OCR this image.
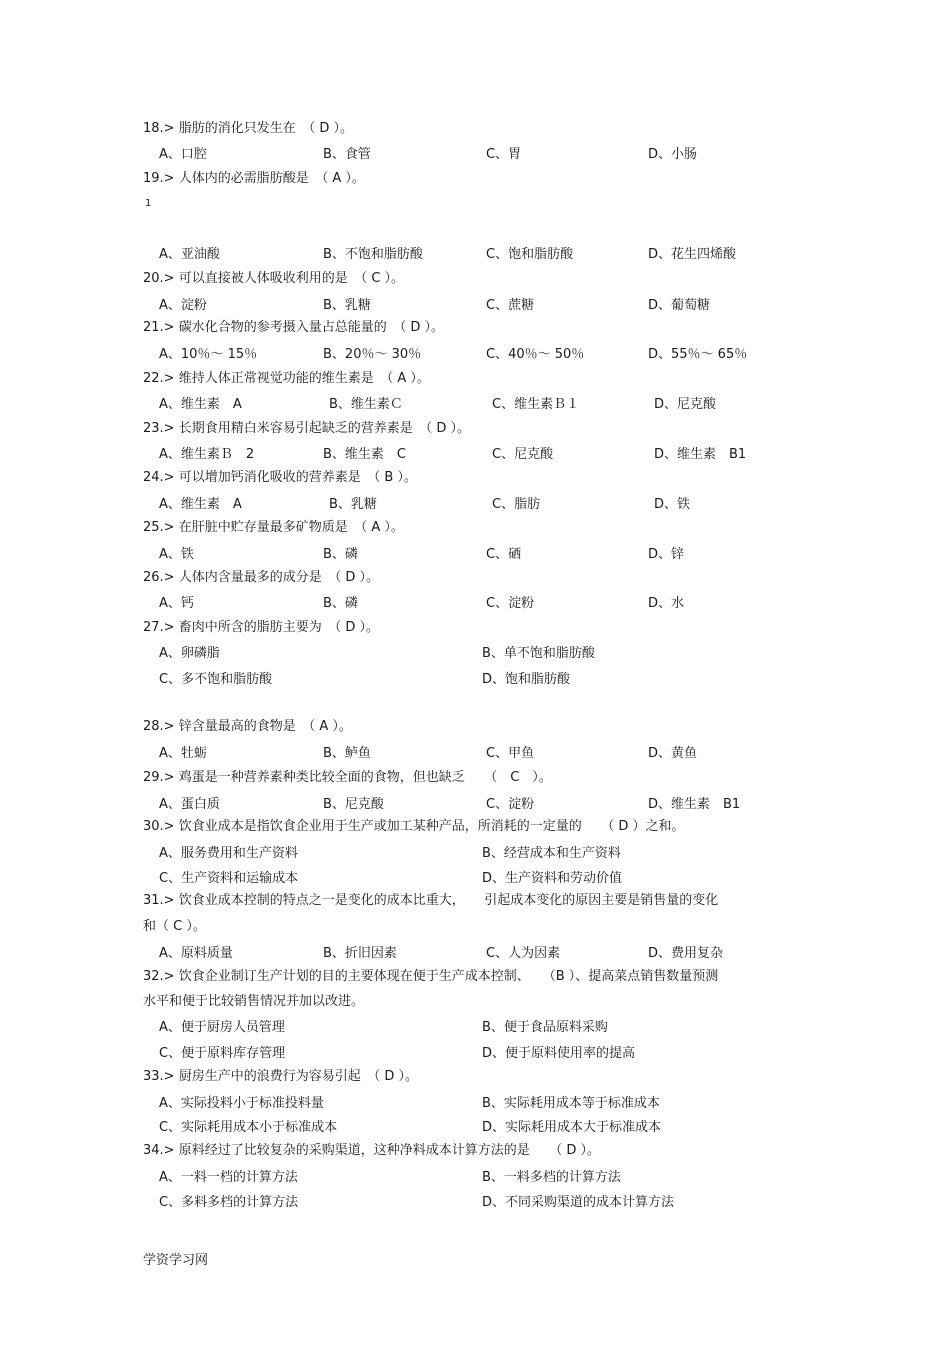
18.> 脂肪的消化只发生在　（ D ）。
A、口腔	B、食管	C、胃	D、小肠
19.> 人体内的必需脂肪酸是　（ A ）。
1
A、亚油酸	B、不饱和脂肪酸	C、饱和脂肪酸	D、花生四烯酸
20.> 可以直接被人体吸收利用的是　（ C ）。
A、淀粉	B、乳糖	C、蔗糖	D、葡萄糖
21.> 碳水化合物的参考摄入量占总能量的　（ D ）。
A、10％～ 15％	B、20％～ 30％	C、40％～ 50％	D、55％～ 65％
22.> 维持人体正常视觉功能的维生素是　（ A ）。
A、维生素　A	B、维生素Ｃ	C、维生素Ｂ１	D、尼克酸
23.> 长期食用精白米容易引起缺乏的营养素是　（ D ）。
A、维生素Ｂ　2	B、维生素　C	C、尼克酸	D、维生素　B1
24.> 可以增加钙消化吸收的营养素是　（ B ）。
A、维生素　A	B、乳糖	C、脂肪	D、铁
25.> 在肝脏中贮存量最多矿物质是　（ A ）。
A、铁	B、磷	C、硒	D、锌
26.> 人体内含量最多的成分是　（ D ）。
A、钙	B、磷	C、淀粉	D、水
27.> 畜肉中所含的脂肪主要为　（ D ）。
A、卵磷脂	B、单不饱和脂肪酸
C、多不饱和脂肪酸	D、饱和脂肪酸
28.> 锌含量最高的食物是　（ A ）。
A、牡蛎	B、鲈鱼	C、甲鱼	D、黄鱼
29.> 鸡蛋是一种营养素种类比较全面的食物，但也缺乏　　（　C　）。
A、蛋白质	B、尼克酸	C、淀粉	D、维生素　B1
30.> 饮食业成本是指饮食企业用于生产或加工某种产品，所消耗的一定量的　　（ D ）之和。
A、服务费用和生产资料	B、经营成本和生产资料
C、生产资料和运输成本	D、生产资料和劳动价值
31.> 饮食业成本控制的特点之一是变化的成本比重大，　　引起成本变化的原因主要是销售量的变化
和（ C ）。
A、原料质量	B、折旧因素	C、人为因素	D、费用复杂
32.> 饮食企业制订生产计划的目的主要体现在便于生产成本控制、　　（B ）、提高菜点销售数量预测
水平和便于比较销售情况并加以改进。
A、便于厨房人员管理	B、便于食品原料采购
C、便于原料库存管理	D、便于原料使用率的提高
33.> 厨房生产中的浪费行为容易引起　（ D ）。
A、实际投料小于标准投料量	B、实际耗用成本等于标准成本
C、实际耗用成本小于标准成本	D、实际耗用成本大于标准成本
34.> 原料经过了比较复杂的采购渠道，这种净料成本计算方法的是　　（ D ）。
A、一料一档的计算方法	B、一料多档的计算方法
C、多料多档的计算方法	D、不同采购渠道的成本计算方法
学资学习网
